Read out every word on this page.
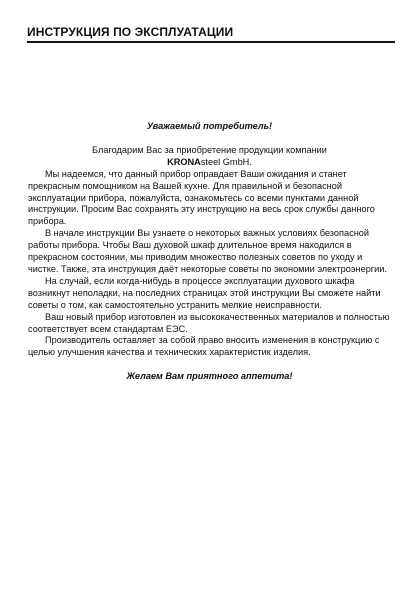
ИНСТРУКЦИЯ ПО ЭКСПЛУАТАЦИИ

Уважаемый потребитель!

Благодарим Вас за приобретение продукции компании
KRONAsteel GmbH.

Мы надеемся, что данный прибор оправдает Ваши ожидания и станет прекрасным помощником на Вашей кухне. Для правильной и безопасной эксплуатации прибора, пожалуйста, ознакомьтесь со всеми пунктами данной инструкции. Просим Вас сохранять эту инструкцию на весь срок службы данного прибора.

В начале инструкции Вы узнаете о некоторых важных условиях безопасной работы прибора. Чтобы Ваш духовой шкаф длительное время находился в прекрасном состоянии, мы приводим множество полезных советов по уходу и чистке. Также, эта инструкция даёт некоторые советы по экономии электроэнергии.

На случай, если когда-нибудь в процессе эксплуатации духового шкафа возникнут неполадки, на последних страницах этой инструкции Вы сможете найти советы о том, как самостоятельно устранить мелкие неисправности.

Ваш новый прибор изготовлен из высококачественных материалов и полностью соответствует всем стандартам ЕЭС.

Производитель оставляет за собой право вносить изменения в конструкцию с целью улучшения качества и технических характеристик изделия.

Желаем Вам приятного аппетита!
